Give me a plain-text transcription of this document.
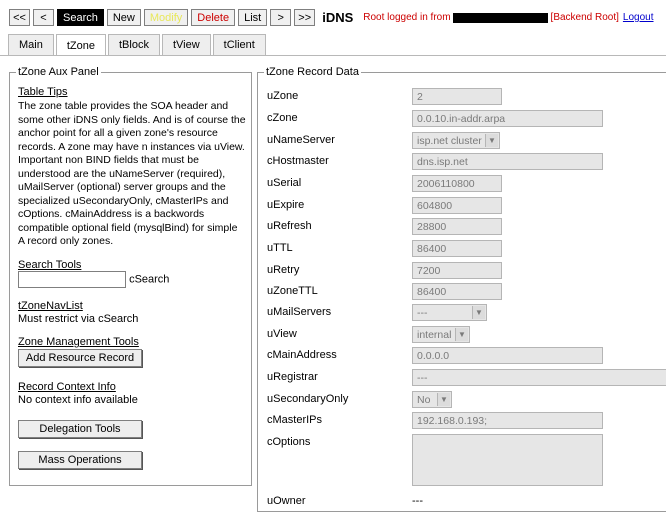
<<	<	Search	New	Modify	Delete	List	>	>> iDNS Root logged in from	[Backend Root] Logout
Main	tZone	tBlock	tView	tClient
tZone Aux Panel
Table Tips
The zone table provides the SOA header and some other iDNS only fields. And is of course the anchor point for all a given zone's resource records. A zone may have n instances via uView. Important non BIND fields that must be understood are the uNameServer (required), uMailServer (optional) server groups and the specialized uSecondaryOnly, cMasterIPs and cOptions. cMainAddress is a backwords compatible optional field (mysqlBind) for simple A record only zones.
Search Tools
cSearch
tZoneNavList
Must restrict via cSearch
Zone Management Tools
Add Resource Record
Record Context Info
No context info available
Delegation Tools
Mass Operations
tZone Record Data
uZone	2
cZone	0.0.10.in-addr.arpa
uNameServer	isp.net cluster ▼
cHostmaster	dns.isp.net
uSerial	2006110800
uExpire	604800
uRefresh	28800
uTTL	86400
uRetry	7200
uZoneTTL	86400
uMailServers	---	▼
uView	internal ▼
cMainAddress	0.0.0.0
uRegistrar	---
uSecondaryOnly	No	▼
cMasterIPs	192.168.0.193;
cOptions
uOwner	---
